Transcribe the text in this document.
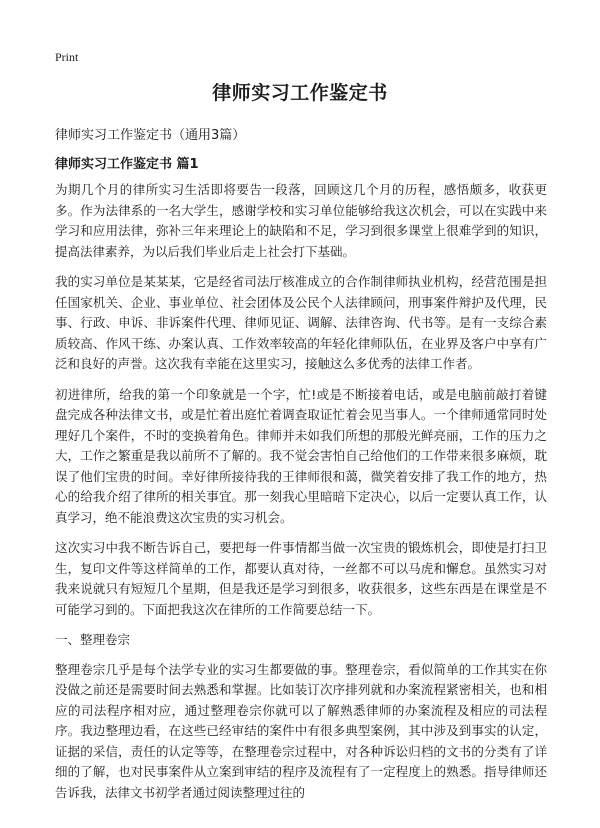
Print
律师实习工作鉴定书
律师实习工作鉴定书（通用3篇）
律师实习工作鉴定书 篇1

为期几个月的律所实习生活即将要告一段落，回顾这几个月的历程，感悟颇多，收获更多。作为法律系的一名大学生，感谢学校和实习单位能够给我这次机会，可以在实践中来学习和应用法律，弥补三年来理论上的缺陷和不足，学习到很多课堂上很难学到的知识，提高法律素养，为以后我们毕业后走上社会打下基础。

我的实习单位是某某某，它是经省司法厅核准成立的合作制律师执业机构，经营范围是担任国家机关、企业、事业单位、社会团体及公民个人法律顾问，刑事案件辩护及代理，民事、行政、申诉、非诉案件代理、律师见证、调解、法律咨询、代书等。是有一支综合素质较高、作风干练、办案认真、工作效率较高的年轻化律师队伍，在业界及客户中享有广泛和良好的声誉。这次我有幸能在这里实习，接触这么多优秀的法律工作者。

初进律所，给我的第一个印象就是一个字，忙!或是不断接着电话，或是电脑前敲打着键盘完成各种法律文书，或是忙着出庭忙着调查取证忙着会见当事人。一个律师通常同时处理好几个案件，不时的变换着角色。律师并未如我们所想的那般光鲜亮丽，工作的压力之大，工作之繁重是我以前所不了解的。我不觉会害怕自己给他们的工作带来很多麻烦，耽误了他们宝贵的时间。幸好律所接待我的王律师很和蔼，微笑着安排了我工作的地方，热心的给我介绍了律所的相关事宜。那一刻我心里暗暗下定决心，以后一定要认真工作，认真学习，绝不能浪费这次宝贵的实习机会。

这次实习中我不断告诉自己，要把每一件事情都当做一次宝贵的锻炼机会，即使是打扫卫生，复印文件等这样简单的工作，都要认真对待，一丝都不可以马虎和懈怠。虽然实习对我来说就只有短短几个星期，但是我还是学习到很多，收获很多，这些东西是在课堂是不可能学习到的。下面把我这次在律所的工作简要总结一下。

一、整理卷宗

整理卷宗几乎是每个法学专业的实习生都要做的事。整理卷宗，看似简单的工作其实在你没做之前还是需要时间去熟悉和掌握。比如装订次序排列就和办案流程紧密相关，也和相应的司法程序相对应，通过整理卷宗你就可以了解熟悉律师的办案流程及相应的司法程序。我边整理边看，在这些已经审结的案件中有很多典型案例，其中涉及到事实的认定，证据的采信，责任的认定等等，在整理卷宗过程中，对各种诉讼归档的文书的分类有了详细的了解，也对民事案件从立案到审结的程序及流程有了一定程度上的熟悉。指导律师还告诉我，法律文书初学者通过阅读整理过往的
